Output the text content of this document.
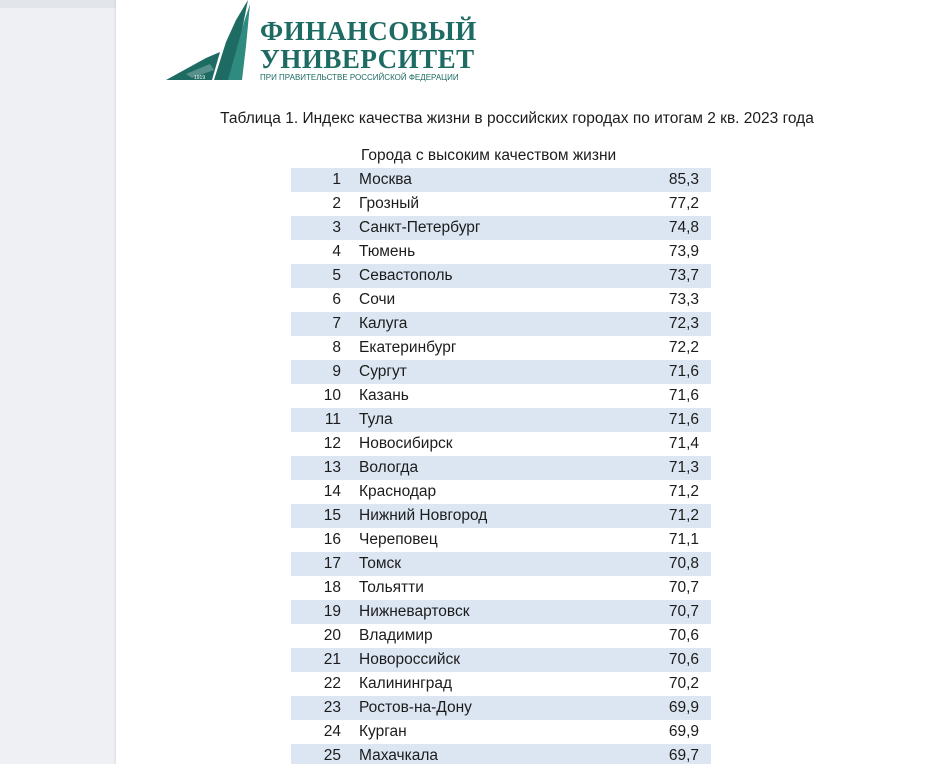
1919
ФИНАНСОВЫЙ
УНИВЕРСИТЕТ
ПРИ ПРАВИТЕЛЬСТВЕ РОССИЙСКОЙ ФЕДЕРАЦИИ
Таблица 1. Индекс качества жизни в российских городах по итогам 2 кв. 2023 года
Города с высоким качеством жизни
1 Москва	85,3
2 Грозный	77,2
3 Санкт-Петербург	74,8
4 Тюмень	73,9
5 Севастополь	73,7
6 Сочи	73,3
7 Калуга	72,3
8 Екатеринбург	72,2
9 Сургут	71,6
10 Казань	71,6
11 Тула	71,6
12 Новосибирск	71,4
13 Вологда	71,3
14 Краснодар	71,2
15 Нижний Новгород	71,2
16 Череповец	71,1
17 Томск	70,8
18 Тольятти	70,7
19 Нижневартовск	70,7
20 Владимир	70,6
21 Новороссийск	70,6
22 Калининград	70,2
23 Ростов-на-Дону	69,9
24 Курган	69,9
25 Махачкала	69,7
